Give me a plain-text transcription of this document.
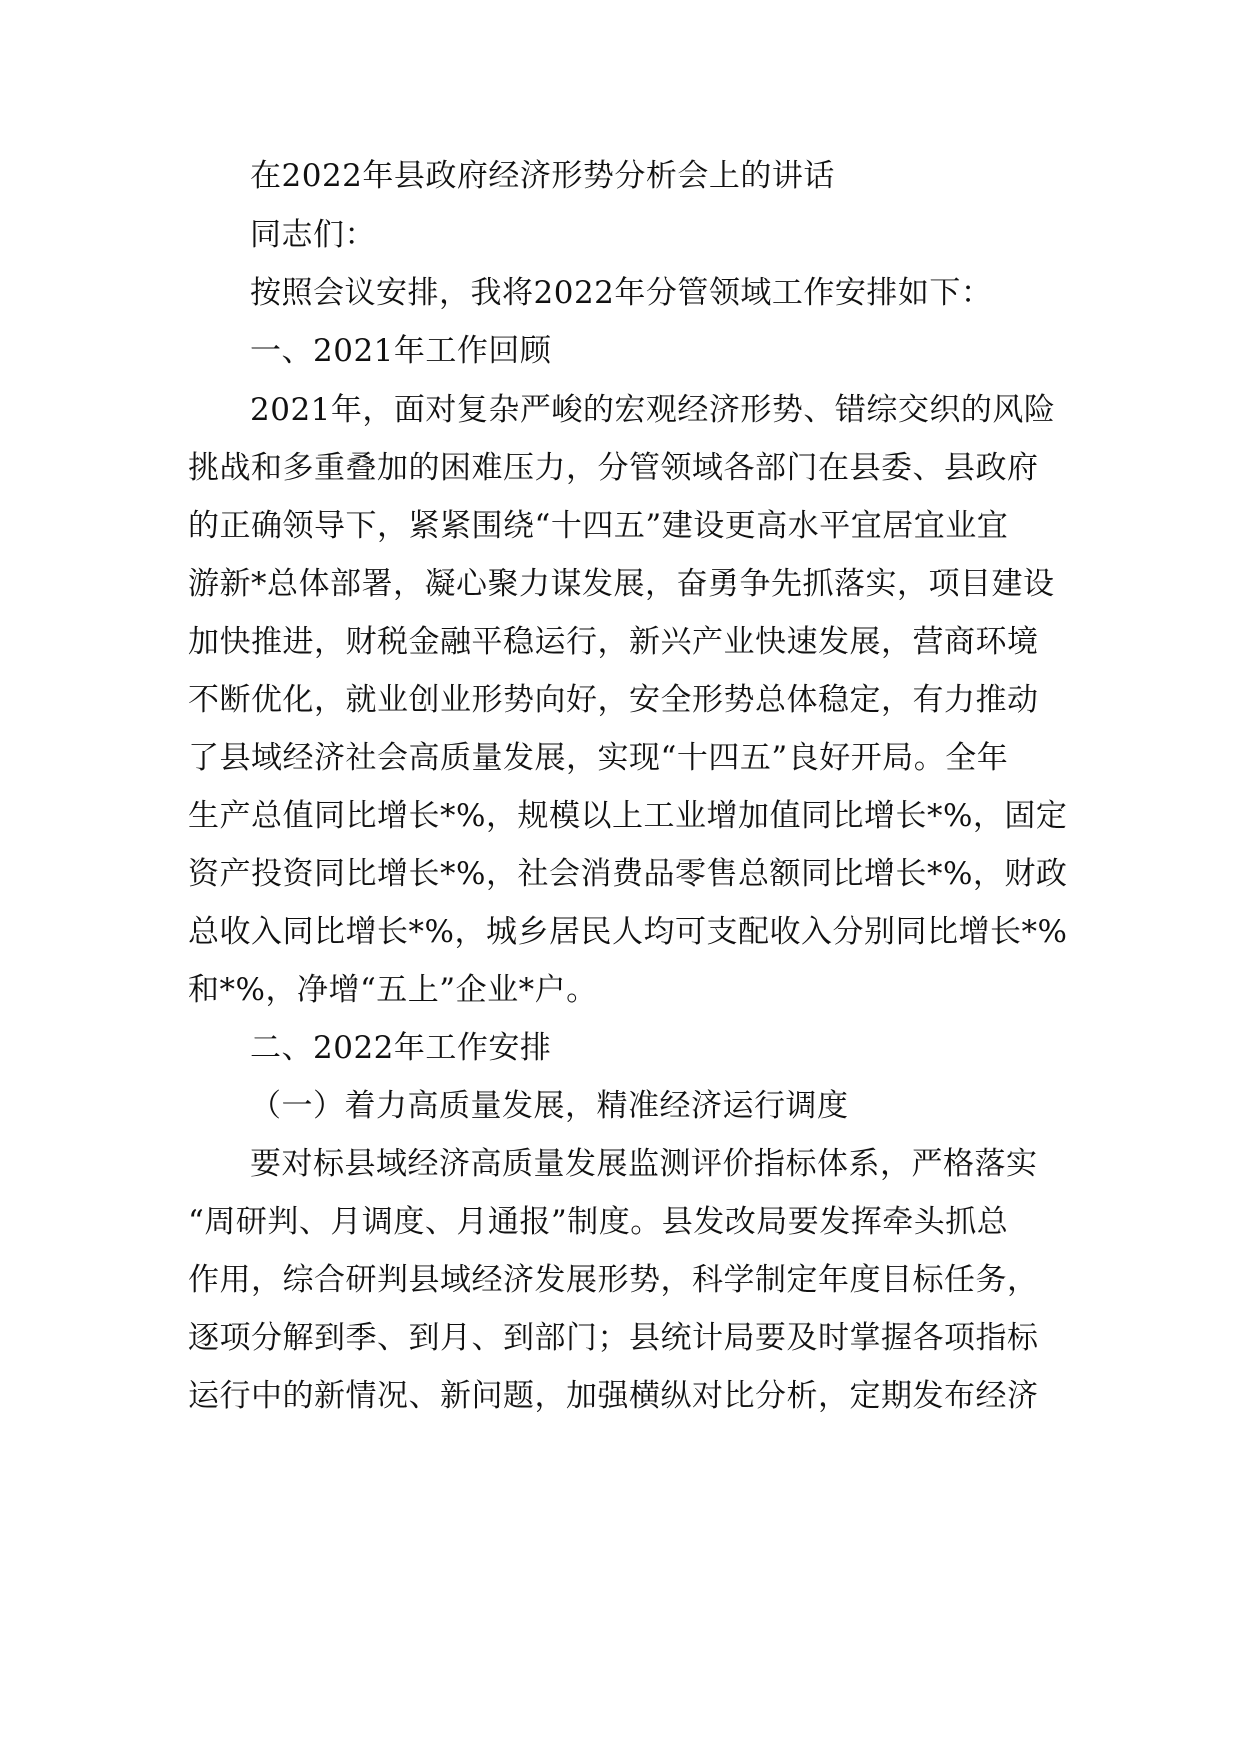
在2022年县政府经济形势分析会上的讲话

同志们：

按照会议安排，我将2022年分管领域工作安排如下：

一、2021年工作回顾

2021年，面对复杂严峻的宏观经济形势、错综交织的风险

挑战和多重叠加的困难压力，分管领域各部门在县委、县政府

的正确领导下，紧紧围绕“十四五”建设更高水平宜居宜业宜

游新*总体部署，凝心聚力谋发展，奋勇争先抓落实，项目建设

加快推进，财税金融平稳运行，新兴产业快速发展，营商环境

不断优化，就业创业形势向好，安全形势总体稳定，有力推动

了县域经济社会高质量发展，实现“十四五”良好开局。全年

生产总值同比增长*%，规模以上工业增加值同比增长*%，固定

资产投资同比增长*%，社会消费品零售总额同比增长*%，财政

总收入同比增长*%，城乡居民人均可支配收入分别同比增长*%

和*%，净增“五上”企业*户。

二、2022年工作安排

（一）着力高质量发展，精准经济运行调度

要对标县域经济高质量发展监测评价指标体系，严格落实

“周研判、月调度、月通报”制度。县发改局要发挥牵头抓总

作用，综合研判县域经济发展形势，科学制定年度目标任务，

逐项分解到季、到月、到部门；县统计局要及时掌握各项指标

运行中的新情况、新问题，加强横纵对比分析，定期发布经济
